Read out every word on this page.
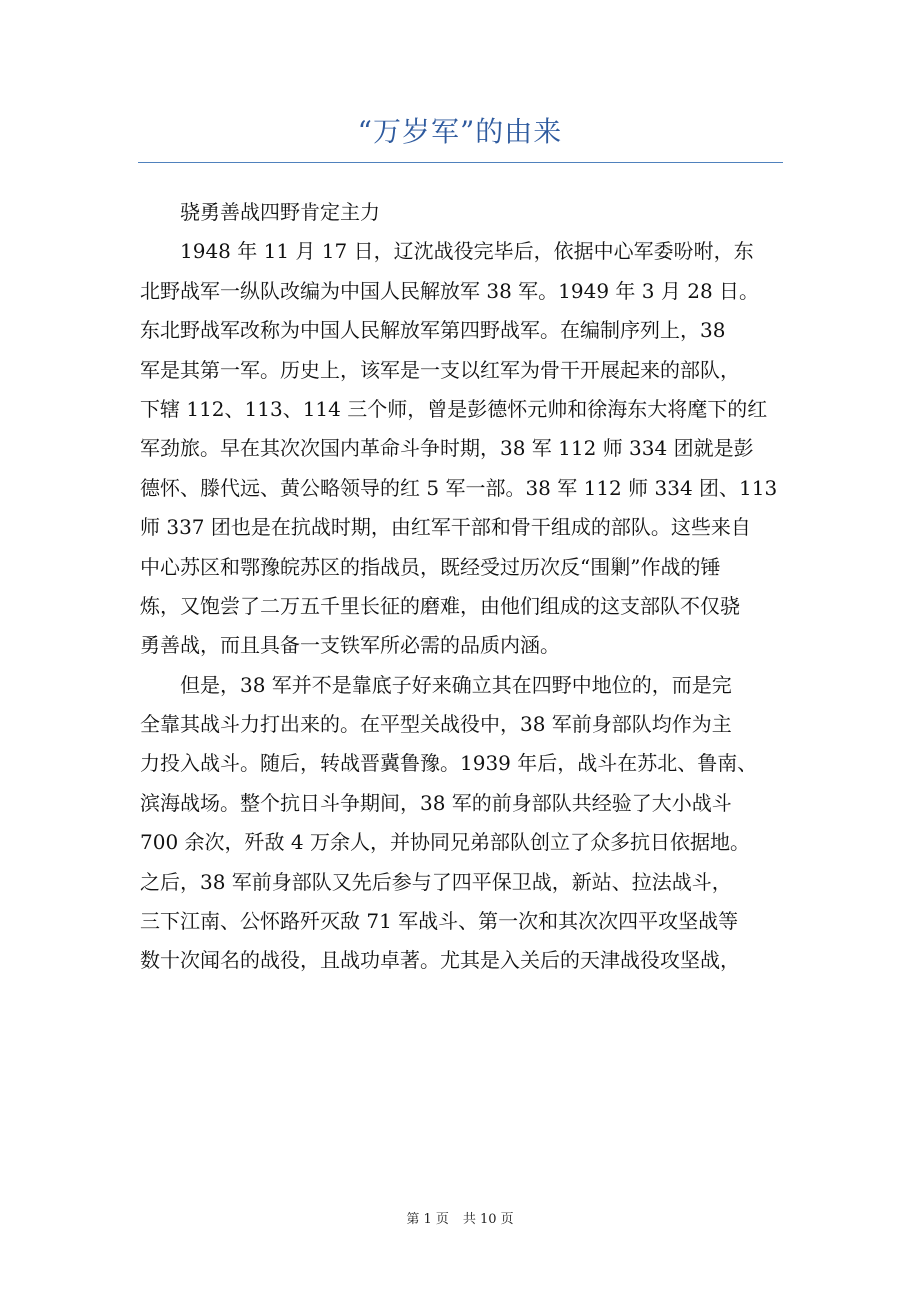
“万岁军”的由来
骁勇善战四野肯定主力
1948 年 11 月 17 日，辽沈战役完毕后，依据中心军委吩咐，东
北野战军一纵队改编为中国人民解放军 38 军。1949 年 3 月 28 日。
东北野战军改称为中国人民解放军第四野战军。在编制序列上，38
军是其第一军。历史上，该军是一支以红军为骨干开展起来的部队，
下辖 112、113、114 三个师，曾是彭德怀元帅和徐海东大将麾下的红
军劲旅。早在其次次国内革命斗争时期，38 军 112 师 334 团就是彭
德怀、滕代远、黄公略领导的红 5 军一部。38 军 112 师 334 团、113
师 337 团也是在抗战时期，由红军干部和骨干组成的部队。这些来自
中心苏区和鄂豫皖苏区的指战员，既经受过历次反“围剿”作战的锤
炼，又饱尝了二万五千里长征的磨难，由他们组成的这支部队不仅骁
勇善战，而且具备一支铁军所必需的品质内涵。
但是，38 军并不是靠底子好来确立其在四野中地位的，而是完
全靠其战斗力打出来的。在平型关战役中，38 军前身部队均作为主
力投入战斗。随后，转战晋冀鲁豫。1939 年后，战斗在苏北、鲁南、
滨海战场。整个抗日斗争期间，38 军的前身部队共经验了大小战斗
700 余次，歼敌 4 万余人，并协同兄弟部队创立了众多抗日依据地。
之后，38 军前身部队又先后参与了四平保卫战，新站、拉法战斗，
三下江南、公怀路歼灭敌 71 军战斗、第一次和其次次四平攻坚战等
数十次闻名的战役，且战功卓著。尤其是入关后的天津战役攻坚战，
第 1 页 共 10 页
